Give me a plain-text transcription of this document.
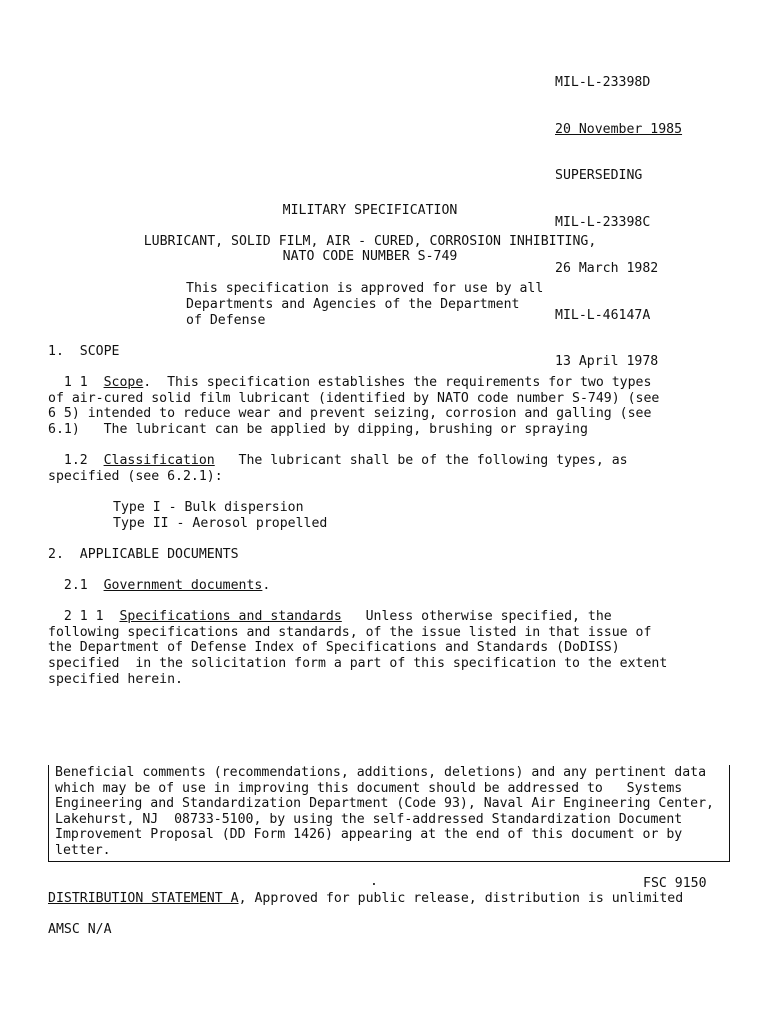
MIL-L-23398D

20 November 1985

SUPERSEDING

MIL-L-23398C

26 March 1982

MIL-L-46147A

13 April 1978

MILITARY SPECIFICATION
LUBRICANT, SOLID FILM, AIR - CURED, CORROSION INHIBITING,
NATO CODE NUMBER S-749
This specification is approved for use by all
Departments and Agencies of the Department
of Defense
1.  SCOPE
1 1  Scope.  This specification establishes the requirements for two types
of air-cured solid film lubricant (identified by NATO code number S-749) (see
6 5) intended to reduce wear and prevent seizing, corrosion and galling (see
6.1)   The lubricant can be applied by dipping, brushing or spraying
1.2  Classification   The lubricant shall be of the following types, as
specified (see 6.2.1):
Type I - Bulk dispersion
Type II - Aerosol propelled
2.  APPLICABLE DOCUMENTS
2.1  Government documents.
2 1 1  Specifications and standards   Unless otherwise specified, the
following specifications and standards, of the issue listed in that issue of
the Department of Defense Index of Specifications and Standards (DoDISS)
specified  in the solicitation form a part of this specification to the extent
specified herein.
Beneficial comments (recommendations, additions, deletions) and any pertinent data
which may be of use in improving this document should be addressed to   Systems
Engineering and Standardization Department (Code 93), Naval Air Engineering Center,
Lakehurst, NJ  08733-5100, by using the self-addressed Standardization Document
Improvement Proposal (DD Form 1426) appearing at the end of this document or by
letter.
.	FSC 9150
DISTRIBUTION STATEMENT A, Approved for public release, distribution is unlimited
AMSC N/A
